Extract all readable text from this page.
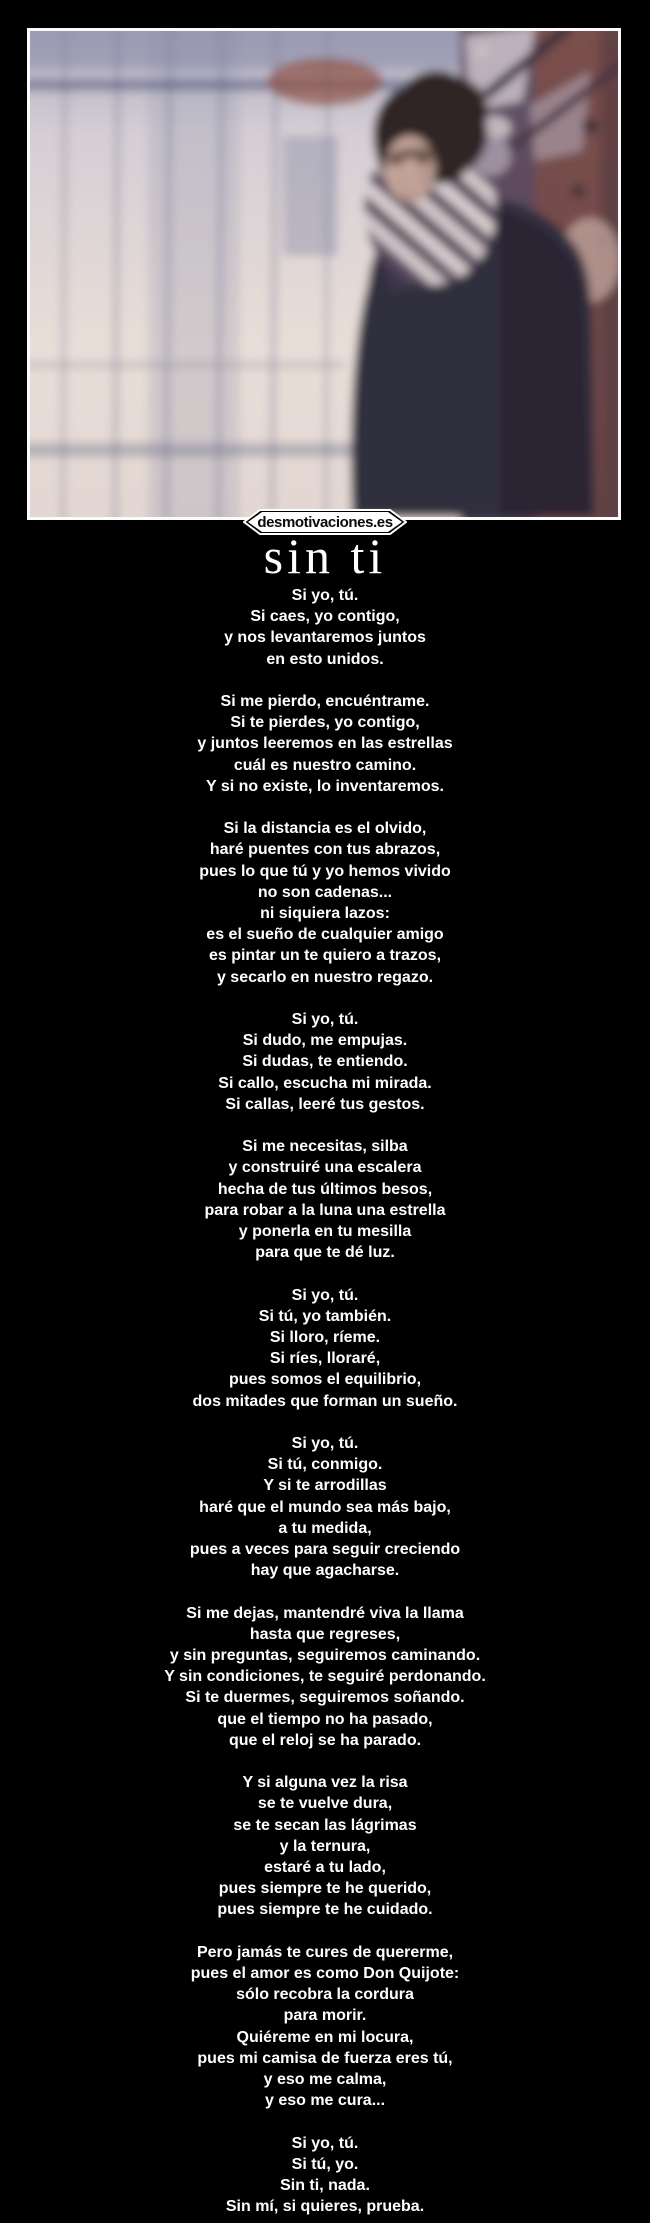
desmotivaciones.es
sin ti
Si yo, tú.
Si caes, yo contigo,
y nos levantaremos juntos
en esto unidos.
Si me pierdo, encuéntrame.
Si te pierdes, yo contigo,
y juntos leeremos en las estrellas
cuál es nuestro camino.
Y si no existe, lo inventaremos.
Si la distancia es el olvido,
haré puentes con tus abrazos,
pues lo que tú y yo hemos vivido
no son cadenas...
ni siquiera lazos:
es el sueño de cualquier amigo
es pintar un te quiero a trazos,
y secarlo en nuestro regazo.
Si yo, tú.
Si dudo, me empujas.
Si dudas, te entiendo.
Si callo, escucha mi mirada.
Si callas, leeré tus gestos.
Si me necesitas, silba
y construiré una escalera
hecha de tus últimos besos,
para robar a la luna una estrella
y ponerla en tu mesilla
para que te dé luz.
Si yo, tú.
Si tú, yo también.
Si lloro, ríeme.
Si ríes, lloraré,
pues somos el equilibrio,
dos mitades que forman un sueño.
Si yo, tú.
Si tú, conmigo.
Y si te arrodillas
haré que el mundo sea más bajo,
a tu medida,
pues a veces para seguir creciendo
hay que agacharse.
Si me dejas, mantendré viva la llama
hasta que regreses,
y sin preguntas, seguiremos caminando.
Y sin condiciones, te seguiré perdonando.
Si te duermes, seguiremos soñando.
que el tiempo no ha pasado,
que el reloj se ha parado.
Y si alguna vez la risa
se te vuelve dura,
se te secan las lágrimas
y la ternura,
estaré a tu lado,
pues siempre te he querido,
pues siempre te he cuidado.
Pero jamás te cures de quererme,
pues el amor es como Don Quijote:
sólo recobra la cordura
para morir.
Quiéreme en mi locura,
pues mi camisa de fuerza eres tú,
y eso me calma,
y eso me cura...
Si yo, tú.
Si tú, yo.
Sin ti, nada.
Sin mí, si quieres, prueba.
